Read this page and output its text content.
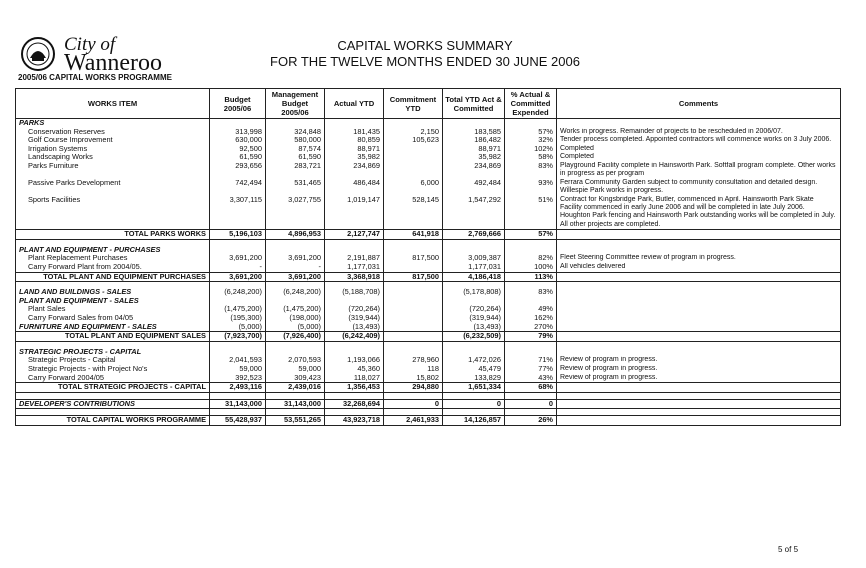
City of
Wanneroo
2005/06 CAPITAL WORKS PROGRAMME
CAPITAL WORKS SUMMARY
FOR THE TWELVE MONTHS ENDED 30 JUNE 2006
WORKS ITEM	Budget 2005/06	Management Budget 2005/06	Actual YTD	Commitment YTD	Total YTD Act & Committed	% Actual & Committed Expended	Comments
PARKS							
Conservation Reserves	313,998	324,848	181,435	2,150	183,585	57%	Works in progress. Remainder of projects to be rescheduled in 2006/07.
Golf Course Improvement	630,000	580,000	80,859	105,623	186,482	32%	Tender process completed. Appointed contractors will commence works on 3 July 2006.
Irrigation Systems	92,500	87,574	88,971		88,971	102%	Completed
Landscaping Works	61,590	61,590	35,982		35,982	58%	Completed
Parks Furniture	293,656	283,721	234,869		234,869	83%	Playground Facility complete in Hainsworth Park. Softfall program complete. Other works in progress as per program
Passive Parks Development	742,494	531,465	486,484	6,000	492,484	93%	Ferrara Community Garden subject to community consultation and detailed design. Willespie Park works in progress.
Sports Facilities	3,307,115	3,027,755	1,019,147	528,145	1,547,292	51%	Contract for Kingsbridge Park, Butler, commenced in April. Hainsworth Park Skate Facility commenced in early June 2006 and will be completed in late July 2006. Houghton Park fencing and Hainsworth Park outstanding works will be completed in July. All other projects are completed.
TOTAL PARKS WORKS	5,196,103	4,896,953	2,127,747	641,918	2,769,666	57%	

PLANT AND EQUIPMENT - PURCHASES							
Plant Replacement Purchases	3,691,200	3,691,200	2,191,887	817,500	3,009,387	82%	Fleet Steering Committee review of program in progress.
Carry Forward Plant from 2004/05.	-	-	1,177,031		1,177,031	100%	All vehicles delivered
TOTAL PLANT AND EQUIPMENT PURCHASES	3,691,200	3,691,200	3,368,918	817,500	4,186,418	113%	

LAND AND BUILDINGS - SALES	(6,248,200)	(6,248,200)	(5,188,708)		(5,178,808)	83%	
PLANT AND EQUIPMENT - SALES							
Plant Sales	(1,475,200)	(1,475,200)	(720,264)		(720,264)	49%	
Carry Forward Sales from 04/05	(195,300)	(198,000)	(319,944)		(319,944)	162%	
FURNITURE AND EQUIPMENT - SALES	(5,000)	(5,000)	(13,493)		(13,493)	270%	
TOTAL PLANT AND EQUIPMENT SALES	(7,923,700)	(7,926,400)	(6,242,409)		(6,232,509)	79%	

STRATEGIC PROJECTS - CAPITAL							
Strategic Projects - Capital	2,041,593	2,070,593	1,193,066	278,960	1,472,026	71%	Review of program in progress.
Strategic Projects - with Project No's	59,000	59,000	45,360	118	45,479	77%	Review of program in progress.
Carry Forward 2004/05	392,523	309,423	118,027	15,802	133,829	43%	Review of program in progress.
TOTAL STRATEGIC PROJECTS - CAPITAL	2,493,116	2,439,016	1,356,453	294,880	1,651,334	68%	

DEVELOPER'S CONTRIBUTIONS	31,143,000	31,143,000	32,268,694	0	0	0	

TOTAL CAPITAL WORKS PROGRAMME	55,428,937	53,551,265	43,923,718	2,461,933	14,126,857	26%	
5 of 5
